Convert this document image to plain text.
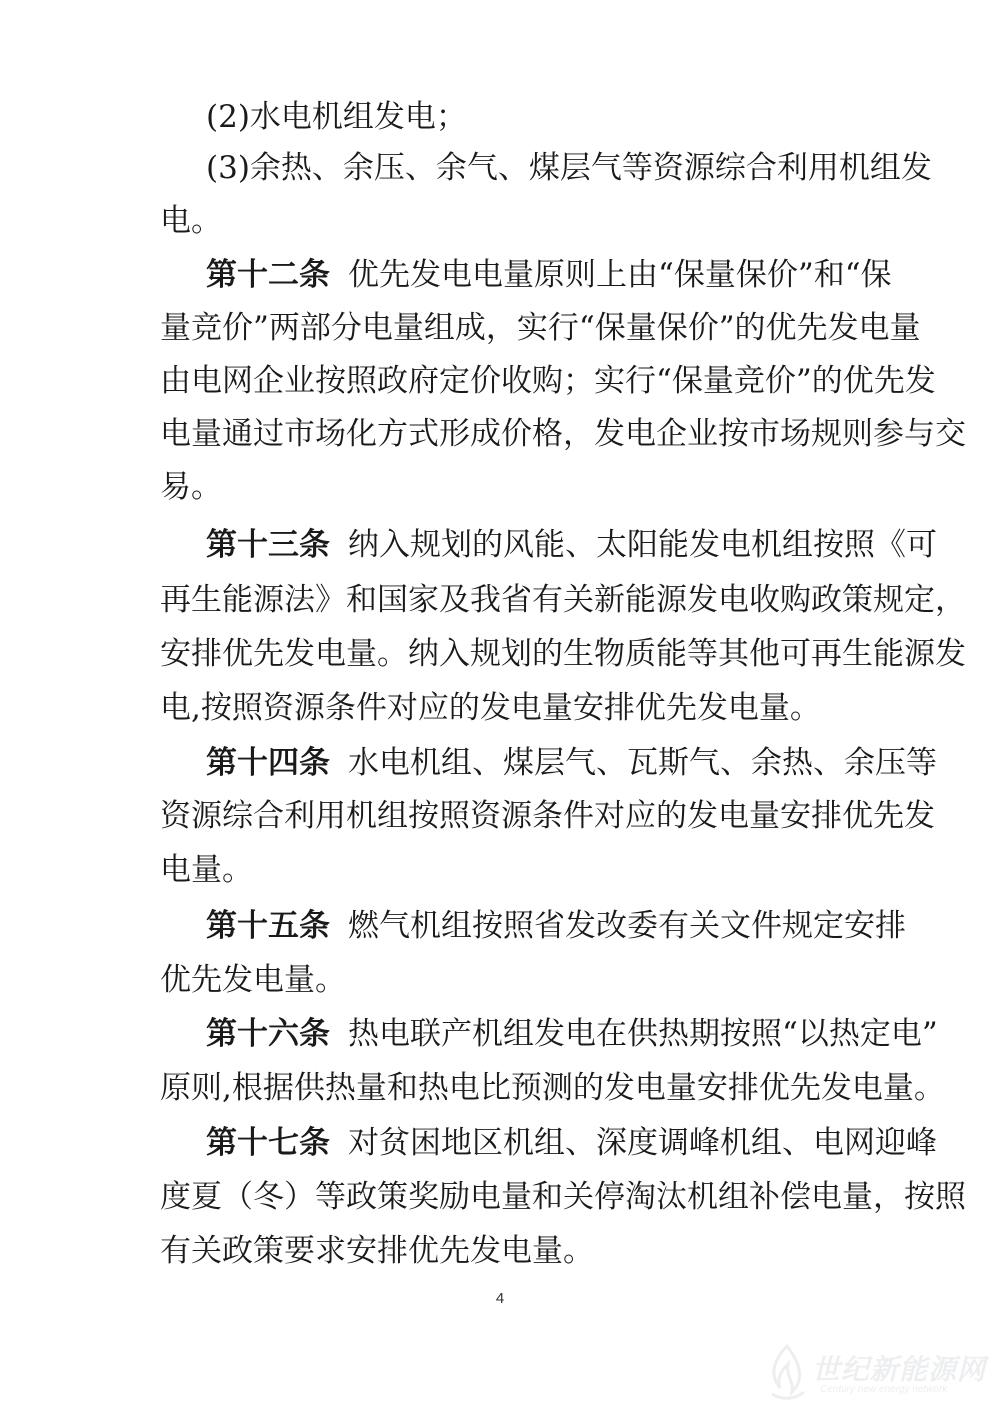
(2)水电机组发电；
(3)余热、余压、余气、煤层气等资源综合利用机组发
电。
第十二条 优先发电电量原则上由“保量保价”和“保
量竞价”两部分电量组成，实行“保量保价”的优先发电量
由电网企业按照政府定价收购；实行“保量竞价”的优先发
电量通过市场化方式形成价格，发电企业按市场规则参与交
易。
第十三条 纳入规划的风能、太阳能发电机组按照《可
再生能源法》和国家及我省有关新能源发电收购政策规定，
安排优先发电量。纳入规划的生物质能等其他可再生能源发
电,按照资源条件对应的发电量安排优先发电量。
第十四条 水电机组、煤层气、瓦斯气、余热、余压等
资源综合利用机组按照资源条件对应的发电量安排优先发
电量。
第十五条 燃气机组按照省发改委有关文件规定安排
优先发电量。
第十六条 热电联产机组发电在供热期按照“以热定电”
原则,根据供热量和热电比预测的发电量安排优先发电量。
第十七条 对贫困地区机组、深度调峰机组、电网迎峰
度夏（冬）等政策奖励电量和关停淘汰机组补偿电量，按照
4
世纪新能源网
Century new energy network
有关政策要求安排优先发电量。
